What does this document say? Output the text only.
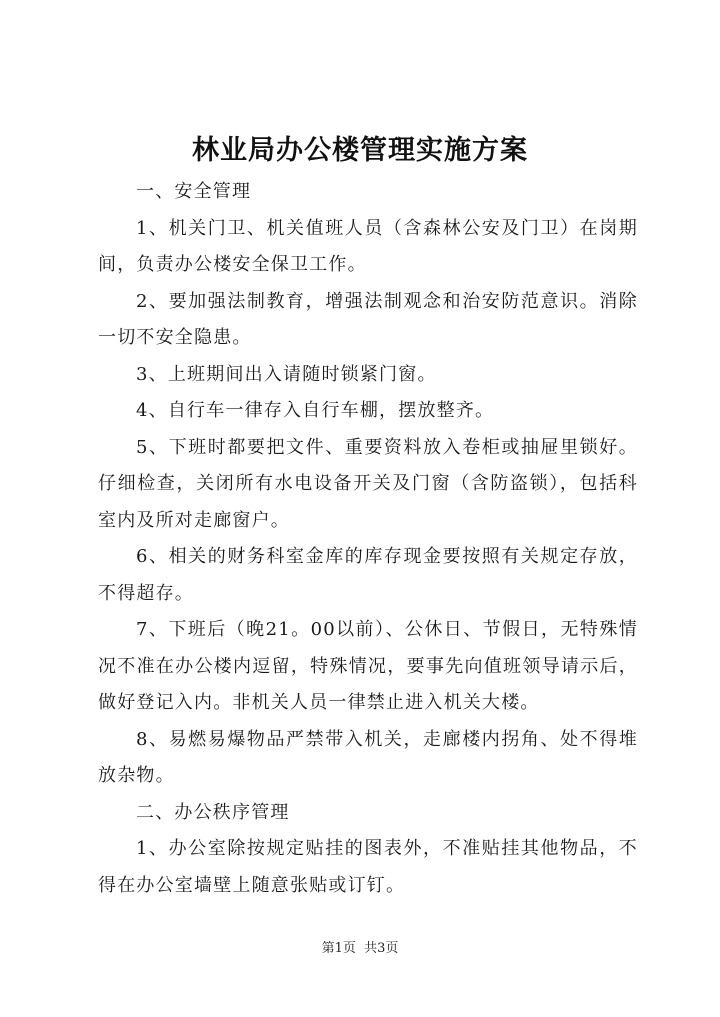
林业局办公楼管理实施方案

一、安全管理

1、机关门卫、机关值班人员（含森林公安及门卫）在岗期间，负责办公楼安全保卫工作。

2、要加强法制教育，增强法制观念和治安防范意识。消除一切不安全隐患。

3、上班期间出入请随时锁紧门窗。

4、自行车一律存入自行车棚，摆放整齐。

5、下班时都要把文件、重要资料放入卷柜或抽屉里锁好。仔细检查，关闭所有水电设备开关及门窗（含防盗锁），包括科室内及所对走廊窗户。

6、相关的财务科室金库的库存现金要按照有关规定存放，不得超存。

7、下班后（晚21。00以前）、公休日、节假日，无特殊情况不准在办公楼内逗留，特殊情况，要事先向值班领导请示后，做好登记入内。非机关人员一律禁止进入机关大楼。

8、易燃易爆物品严禁带入机关，走廊楼内拐角、处不得堆放杂物。

二、办公秩序管理

1、办公室除按规定贴挂的图表外，不准贴挂其他物品，不得在办公室墙壁上随意张贴或订钉。

第1页 共3页
